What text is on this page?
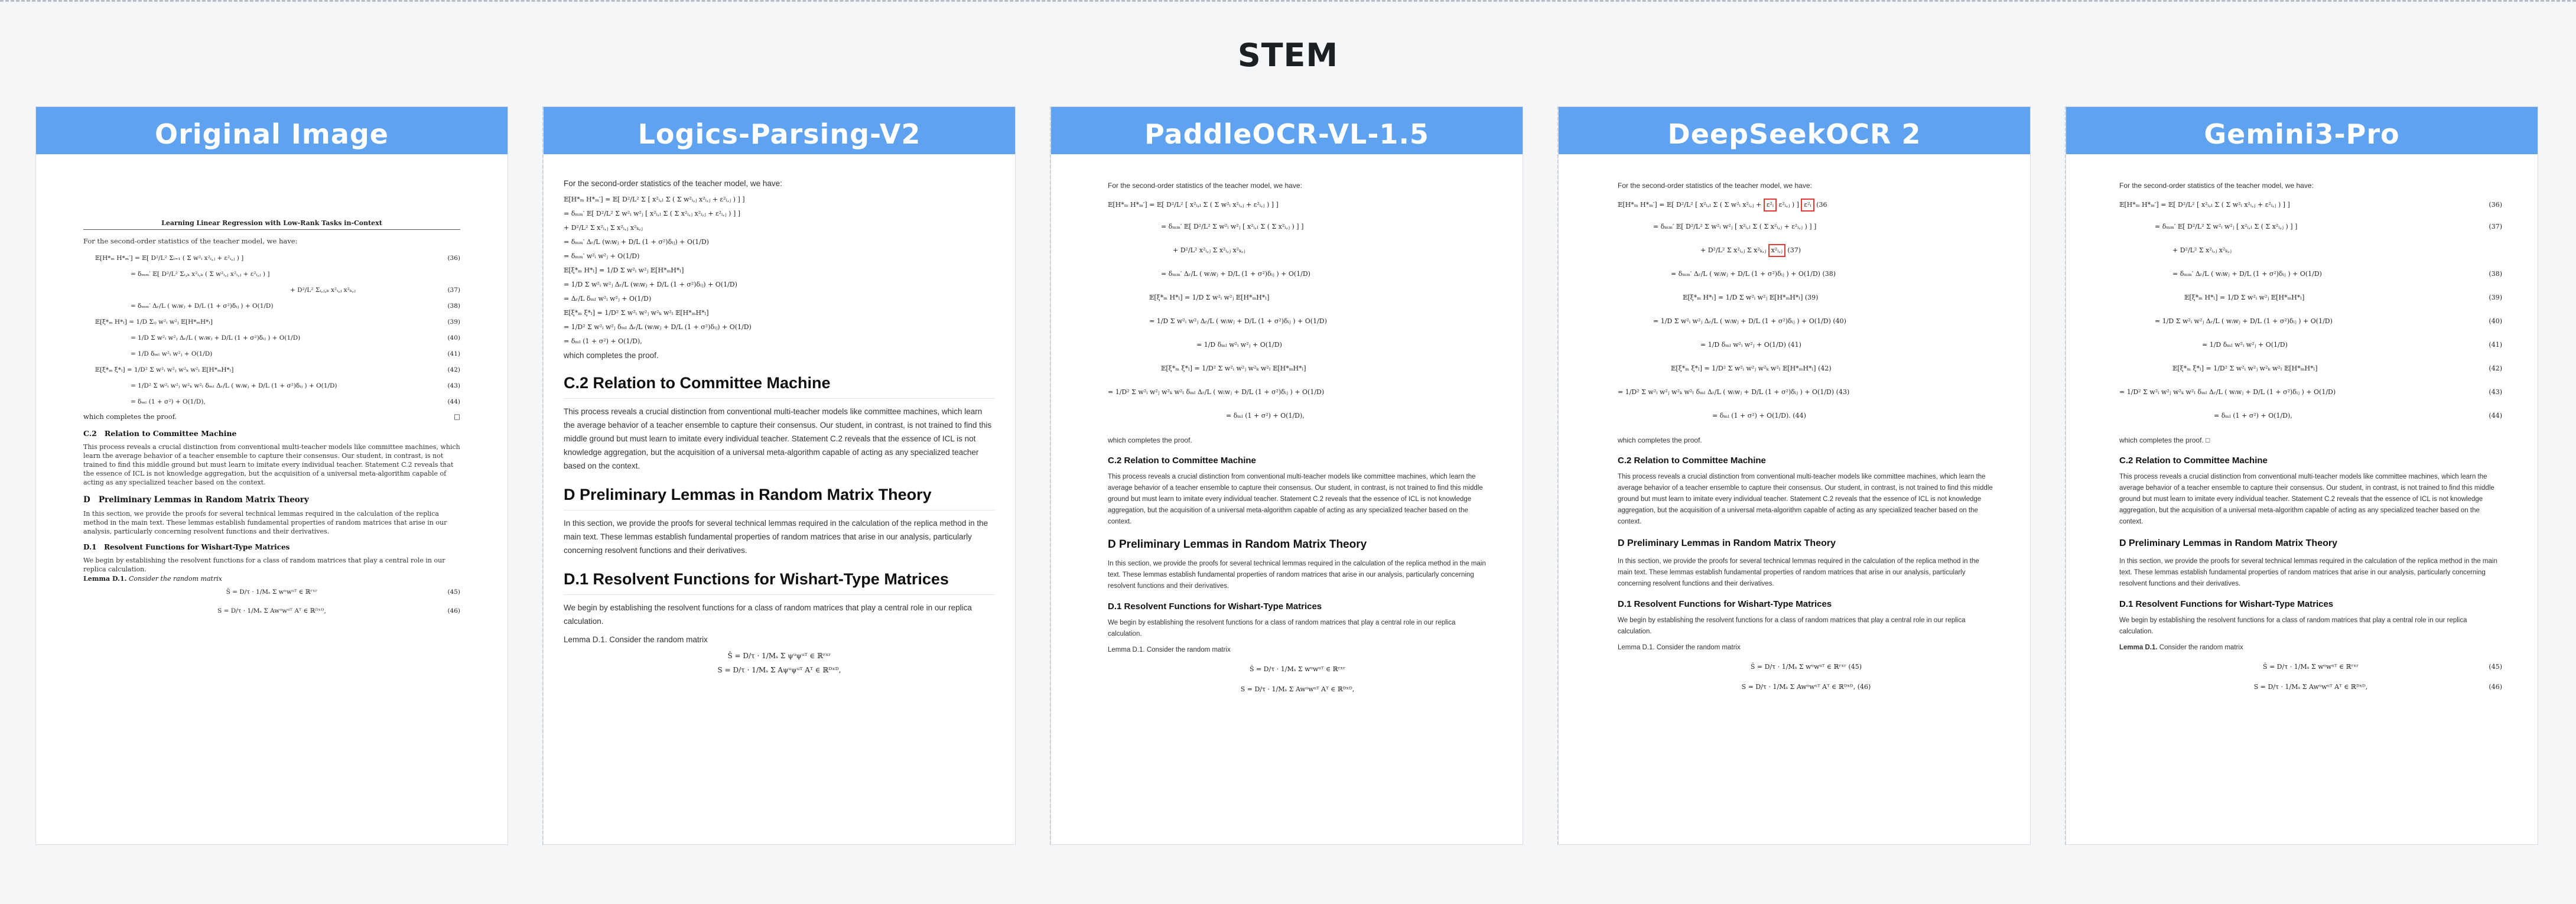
STEM
Original Image
Learning Linear Regression with Low-Rank Tasks in-Context

For the second-order statistics of the teacher model, we have:

𝔼[H*ₘ H*ₘ′] = 𝔼[ D²/L² Σᵢ₌₁ ( Σ w²ᵢ x²ᵢ,ⱼ + ε²ᵢ,ⱼ ) ]	(36)
= δₘₘ′ 𝔼[ D²/L² Σᵢ,ₖ x²ᵢ,ₖ ( Σ w²ᵢ,ⱼ x²ᵢ,ⱼ + ε²ᵢ,ⱼ ) ]
+ D²/L² Σᵢ,ⱼ,ₖ x²ᵢ,ⱼ x²ₖ,ⱼ	(37)
= δₘₘ′ Δᵣ/L ( wᵢwⱼ + D/L (1 + σ²)δᵢⱼ ) + O(1/D)	(38)
𝔼[ξ*ₘ H*ₗ] = 1/D Σᵢⱼ w²ᵢ w²ⱼ 𝔼[H*ₘH*ₗ]	(39)
= 1/D Σ w²ᵢ w²ⱼ Δᵣ/L ( wᵢwⱼ + D/L (1 + σ²)δᵢⱼ ) + O(1/D)	(40)
= 1/D δₘₗ w²ᵢ w²ⱼ + O(1/D)	(41)
𝔼[ξ*ₘ ξ*ₗ] = 1/D² Σ w²ᵢ w²ⱼ w²ₖ w²ₗ 𝔼[H*ₘH*ₗ]	(42)
= 1/D² Σ w²ᵢ w²ⱼ w²ₖ w²ₗ δₘₗ Δᵣ/L ( wᵢwⱼ + D/L (1 + σ²)δᵢⱼ ) + O(1/D)	(43)
= δₘₗ (1 + σ²) + O(1/D),	(44)
which completes the proof.	□
C.2 Relation to Committee Machine

This process reveals a crucial distinction from conventional multi-teacher models like committee machines, which learn the average behavior of a teacher ensemble to capture their consensus. Our student, in contrast, is not trained to find this middle ground but must learn to imitate every individual teacher. Statement C.2 reveals that the essence of ICL is not knowledge aggregation, but the acquisition of a universal meta-algorithm capable of acting as any specialized teacher based on the context.

D Preliminary Lemmas in Random Matrix Theory

In this section, we provide the proofs for several technical lemmas required in the calculation of the replica method in the main text. These lemmas establish fundamental properties of random matrices that arise in our analysis, particularly concerning resolvent functions and their derivatives.

D.1 Resolvent Functions for Wishart-Type Matrices

We begin by establishing the resolvent functions for a class of random matrices that play a central role in our replica calculation.

Lemma D.1. Consider the random matrix
Ŝ = D/τ · 1/Mₛ Σ wᵘwᵘᵀ ∈ ℝʳˣʳ	(45)
S = D/τ · 1/Mₛ Σ Awᵘwᵘᵀ Aᵀ ∈ ℝᴰˣᴰ,	(46)
Logics-Parsing-V2

For the second-order statistics of the teacher model, we have:

𝔼[H*ₘ H*ₘ′] = 𝔼[ D²/L² Σ [ x²ᵢ,ₗ Σ ( Σ w²ᵢ,ⱼ x²ᵢ,ⱼ + ε²ᵢ,ⱼ ) ] ]
= δₘₘ′ 𝔼[ D²/L² Σ w²ᵢ w²ⱼ [ x²ᵢ,ₗ Σ ( Σ x²ᵢ,ⱼ x²ᵢ,ⱼ + ε²ᵢ,ⱼ ) ] ]
+ D²/L² Σ x²ᵢ,ⱼ Σ x²ᵢ,ⱼ x²ₖ,ⱼ
= δₘₘ′ Δᵣ/L (wᵢwⱼ + D/L (1 + σ²)δᵢⱼ) + O(1/D)
= δₘₘ′ w²ᵢ w²ⱼ + O(1/D)
𝔼[ξ*ₘ H*ₗ] = 1/D Σ w²ᵢ w²ⱼ 𝔼[H*ₘH*ₗ]
= 1/D Σ w²ᵢ w²ⱼ Δᵣ/L (wᵢwⱼ + D/L (1 + σ²)δᵢⱼ) + O(1/D)
= Δᵣ/L δₘₗ w²ᵢ w²ⱼ + O(1/D)
𝔼[ξ*ₘ ξ*ₗ] = 1/D² Σ w²ᵢ w²ⱼ w²ₖ w²ₗ 𝔼[H*ₘH*ₗ]
= 1/D² Σ w²ᵢ w²ⱼ δₘₗ Δᵣ/L (wᵢwⱼ + D/L (1 + σ²)δᵢⱼ) + O(1/D)
= δₘₗ (1 + σ²) + O(1/D),

which completes the proof.

C.2 Relation to Committee Machine

This process reveals a crucial distinction from conventional multi-teacher models like committee machines, which learn the average behavior of a teacher ensemble to capture their consensus. Our student, in contrast, is not trained to find this middle ground but must learn to imitate every individual teacher. Statement C.2 reveals that the essence of ICL is not knowledge aggregation, but the acquisition of a universal meta-algorithm capable of acting as any specialized teacher based on the context.

D Preliminary Lemmas in Random Matrix Theory

In this section, we provide the proofs for several technical lemmas required in the calculation of the replica method in the main text. These lemmas establish fundamental properties of random matrices that arise in our analysis, particularly concerning resolvent functions and their derivatives.

D.1 Resolvent Functions for Wishart-Type Matrices

We begin by establishing the resolvent functions for a class of random matrices that play a central role in our replica calculation.

Lemma D.1. Consider the random matrix

Ŝ = D/τ · 1/Mₛ Σ ψᵘψᵘᵀ ∈ ℝʳˣʳ
S = D/τ · 1/Mₛ Σ Aψᵘψᵘᵀ Aᵀ ∈ ℝᴰˣᴰ,
PaddleOCR-VL-1.5

For the second-order statistics of the teacher model, we have:

𝔼[H*ₘ H*ₘ′] = 𝔼[ D²/L² [ x²ᵢ,ₗ Σ ( Σ w²ᵢ x²ᵢ,ⱼ + ε²ᵢ,ⱼ ) ] ]
= δₘₘ′ 𝔼[ D²/L² Σ w²ᵢ w²ⱼ [ x²ᵢ,ₗ Σ ( Σ x²ᵢ,ⱼ ) ] ]
+ D²/L² x²ᵢ,ⱼ Σ x²ᵢ,ⱼ x²ₖ,ⱼ
= δₘₘ′ Δᵣ/L ( wᵢwⱼ + D/L (1 + σ²)δᵢⱼ ) + O(1/D)
𝔼[ξ*ₘ H*ₗ] = 1/D Σ w²ᵢ w²ⱼ 𝔼[H*ₘH*ₗ]
= 1/D Σ w²ᵢ w²ⱼ Δᵣ/L ( wᵢwⱼ + D/L (1 + σ²)δᵢⱼ ) + O(1/D)
= 1/D δₘₗ w²ᵢ w²ⱼ + O(1/D)
𝔼[ξ*ₘ ξ*ₗ] = 1/D² Σ w²ᵢ w²ⱼ w²ₖ w²ₗ 𝔼[H*ₘH*ₗ]
= 1/D² Σ w²ᵢ w²ⱼ w²ₖ w²ₗ δₘₗ Δᵣ/L ( wᵢwⱼ + D/L (1 + σ²)δᵢⱼ ) + O(1/D)
= δₘₗ (1 + σ²) + O(1/D),

which completes the proof.

C.2 Relation to Committee Machine

This process reveals a crucial distinction from conventional multi-teacher models like committee machines, which learn the average behavior of a teacher ensemble to capture their consensus. Our student, in contrast, is not trained to find this middle ground but must learn to imitate every individual teacher. Statement C.2 reveals that the essence of ICL is not knowledge aggregation, but the acquisition of a universal meta-algorithm capable of acting as any specialized teacher based on the context.

D Preliminary Lemmas in Random Matrix Theory

In this section, we provide the proofs for several technical lemmas required in the calculation of the replica method in the main text. These lemmas establish fundamental properties of random matrices that arise in our analysis, particularly concerning resolvent functions and their derivatives.

D.1 Resolvent Functions for Wishart-Type Matrices

We begin by establishing the resolvent functions for a class of random matrices that play a central role in our replica calculation.

Lemma D.1. Consider the random matrix

Ŝ = D/τ · 1/Mₛ Σ wᵘwᵘᵀ ∈ ℝʳˣʳ
S = D/τ · 1/Mₛ Σ Awᵘwᵘᵀ Aᵀ ∈ ℝᴰˣᴰ,
DeepSeekOCR 2

For the second-order statistics of the teacher model, we have:

𝔼[H*ₘ H*ₘ′] = 𝔼[ D²/L² [ x²ᵢ,ₗ Σ ( Σ w²ᵢ x²ᵢ,ⱼ + ε²ᵢ ε²ᵢ,ⱼ ) ] ε²ᵢ (36
= δₘₘ′ 𝔼[ D²/L² Σ w²ᵢ w²ⱼ [ x²ᵢ,ₗ Σ ( Σ x²ᵢ,ⱼ + ε²ᵢ,ⱼ ) ] ]
+ D²/L² Σ x²ᵢ,ⱼ Σ x²ₖ,ⱼ x²ᵢ,ⱼ (37)
= δₘₘ′ Δᵣ/L ( wᵢwⱼ + D/L (1 + σ²)δᵢⱼ ) + O(1/D) (38)
𝔼[ξ*ₘ H*ₗ] = 1/D Σ w²ᵢ w²ⱼ 𝔼[H*ₘH*ₗ] (39)
= 1/D Σ w²ᵢ w²ⱼ Δᵣ/L ( wᵢwⱼ + D/L (1 + σ²)δᵢⱼ ) + O(1/D) (40)
= 1/D δₘₗ w²ᵢ w²ⱼ + O(1/D) (41)
𝔼[ξ*ₘ ξ*ₗ] = 1/D² Σ w²ᵢ w²ⱼ w²ₖ w²ₗ 𝔼[H*ₘH*ₗ] (42)
= 1/D² Σ w²ᵢ w²ⱼ w²ₖ w²ₗ δₘₗ Δᵣ/L ( wᵢwⱼ + D/L (1 + σ²)δᵢⱼ ) + O(1/D) (43)
= δₘₗ (1 + σ²) + O(1/D). (44)

which completes the proof.

C.2 Relation to Committee Machine

This process reveals a crucial distinction from conventional multi-teacher models like committee machines, which learn the average behavior of a teacher ensemble to capture their consensus. Our student, in contrast, is not trained to find this middle ground but must learn to imitate every individual teacher. Statement C.2 reveals that the essence of ICL is not knowledge aggregation, but the acquisition of a universal meta-algorithm capable of acting as any specialized teacher based on the context.

D Preliminary Lemmas in Random Matrix Theory

In this section, we provide the proofs for several technical lemmas required in the calculation of the replica method in the main text. These lemmas establish fundamental properties of random matrices that arise in our analysis, particularly concerning resolvent functions and their derivatives.

D.1 Resolvent Functions for Wishart-Type Matrices

We begin by establishing the resolvent functions for a class of random matrices that play a central role in our replica calculation.

Lemma D.1. Consider the random matrix

Ŝ = D/τ · 1/Mₛ Σ wᵘwᵘᵀ ∈ ℝʳˣʳ (45)
S = D/τ · 1/Mₛ Σ Awᵘwᵘᵀ Aᵀ ∈ ℝᴰˣᴰ, (46)
Gemini3-Pro

For the second-order statistics of the teacher model, we have:

𝔼[H*ₘ H*ₘ′] = 𝔼[ D²/L² [ x²ᵢ,ₗ Σ ( Σ w²ᵢ x²ᵢ,ⱼ + ε²ᵢ,ⱼ ) ] ]	(36)
= δₘₘ′ 𝔼[ D²/L² Σ w²ᵢ w²ⱼ [ x²ᵢ,ₗ Σ ( Σ x²ᵢ,ⱼ ) ] ]	(37)
+ D²/L² Σ x²ᵢ,ⱼ x²ₖ,ⱼ
= δₘₘ′ Δᵣ/L ( wᵢwⱼ + D/L (1 + σ²)δᵢⱼ ) + O(1/D)	(38)
𝔼[ξ*ₘ H*ₗ] = 1/D Σ w²ᵢ w²ⱼ 𝔼[H*ₘH*ₗ]	(39)
= 1/D Σ w²ᵢ w²ⱼ Δᵣ/L ( wᵢwⱼ + D/L (1 + σ²)δᵢⱼ ) + O(1/D)	(40)
= 1/D δₘₗ w²ᵢ w²ⱼ + O(1/D)	(41)
𝔼[ξ*ₘ ξ*ₗ] = 1/D² Σ w²ᵢ w²ⱼ w²ₖ w²ₗ 𝔼[H*ₘH*ₗ]	(42)
= 1/D² Σ w²ᵢ w²ⱼ w²ₖ w²ₗ δₘₗ Δᵣ/L ( wᵢwⱼ + D/L (1 + σ²)δᵢⱼ ) + O(1/D)	(43)
= δₘₗ (1 + σ²) + O(1/D),	(44)

which completes the proof. □

C.2 Relation to Committee Machine

This process reveals a crucial distinction from conventional multi-teacher models like committee machines, which learn the average behavior of a teacher ensemble to capture their consensus. Our student, in contrast, is not trained to find this middle ground but must learn to imitate every individual teacher. Statement C.2 reveals that the essence of ICL is not knowledge aggregation, but the acquisition of a universal meta-algorithm capable of acting as any specialized teacher based on the context.

D Preliminary Lemmas in Random Matrix Theory

In this section, we provide the proofs for several technical lemmas required in the calculation of the replica method in the main text. These lemmas establish fundamental properties of random matrices that arise in our analysis, particularly concerning resolvent functions and their derivatives.

D.1 Resolvent Functions for Wishart-Type Matrices

We begin by establishing the resolvent functions for a class of random matrices that play a central role in our replica calculation.

Lemma D.1. Consider the random matrix

Ŝ = D/τ · 1/Mₛ Σ wᵘwᵘᵀ ∈ ℝʳˣʳ	(45)
S = D/τ · 1/Mₛ Σ Awᵘwᵘᵀ Aᵀ ∈ ℝᴰˣᴰ,	(46)
